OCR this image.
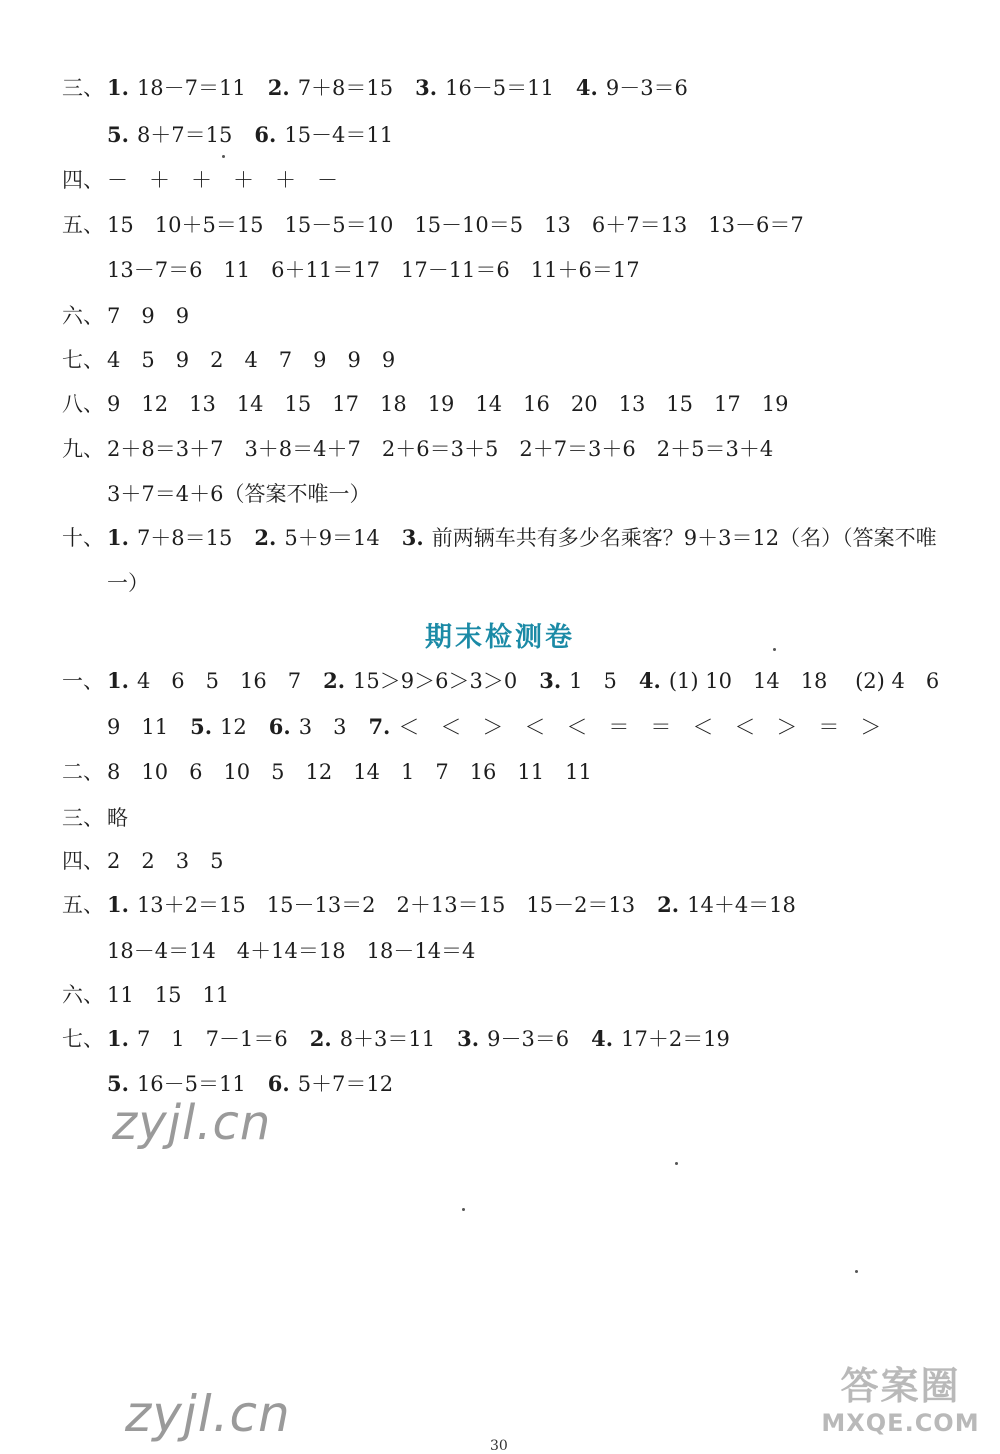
三、 1. 18－7＝11 2. 7＋8＝15 3. 16－5＝11 4. 9－3＝6
5. 8＋7＝15 6. 15－4＝11
四、 －　＋　＋　＋　＋　－
五、 15　10＋5＝15　15－5＝10　15－10＝5　13　6＋7＝13　13－6＝7
13－7＝6　11　6＋11＝17　17－11＝6　11＋6＝17
六、 7　9　9
七、 4　5　9　2　4　7　9　9　9
八、 9　12　13　14　15　17　18　19　14　16　20　13　15　17　19
九、 2＋8＝3＋7　3＋8＝4＋7　2＋6＝3＋5　2＋7＝3＋6　2＋5＝3＋4
3＋7＝4＋6（答案不唯一）
十、 1. 7＋8＝15 2. 5＋9＝14 3. 前两辆车共有多少名乘客？9＋3＝12（名）（答案不唯
一）
期末检测卷
一、 1. 4　6　5　16　7 2. 15＞9＞6＞3＞0 3. 1　5 4. (1) 10　14　18　 (2) 4　6
9　11 5. 12 6. 3　3 7. ＜　＜　＞　＜　＜　＝　＝　＜　＜　＞　＝　＞
二、 8　10　6　10　5　12　14　1　7　16　11　11
三、 略
四、 2　2　3　5
五、 1. 13＋2＝15　15－13＝2　2＋13＝15　15－2＝13 2. 14＋4＝18
18－4＝14　4＋14＝18　18－14＝4
六、 11　15　11
七、 1. 7　1　7－1＝6 2. 8＋3＝11 3. 9－3＝6 4. 17＋2＝19
5. 16－5＝11 6. 5＋7＝12
zyjl.cn
zyjl.cn	答案圈
MXQE.COM
30
